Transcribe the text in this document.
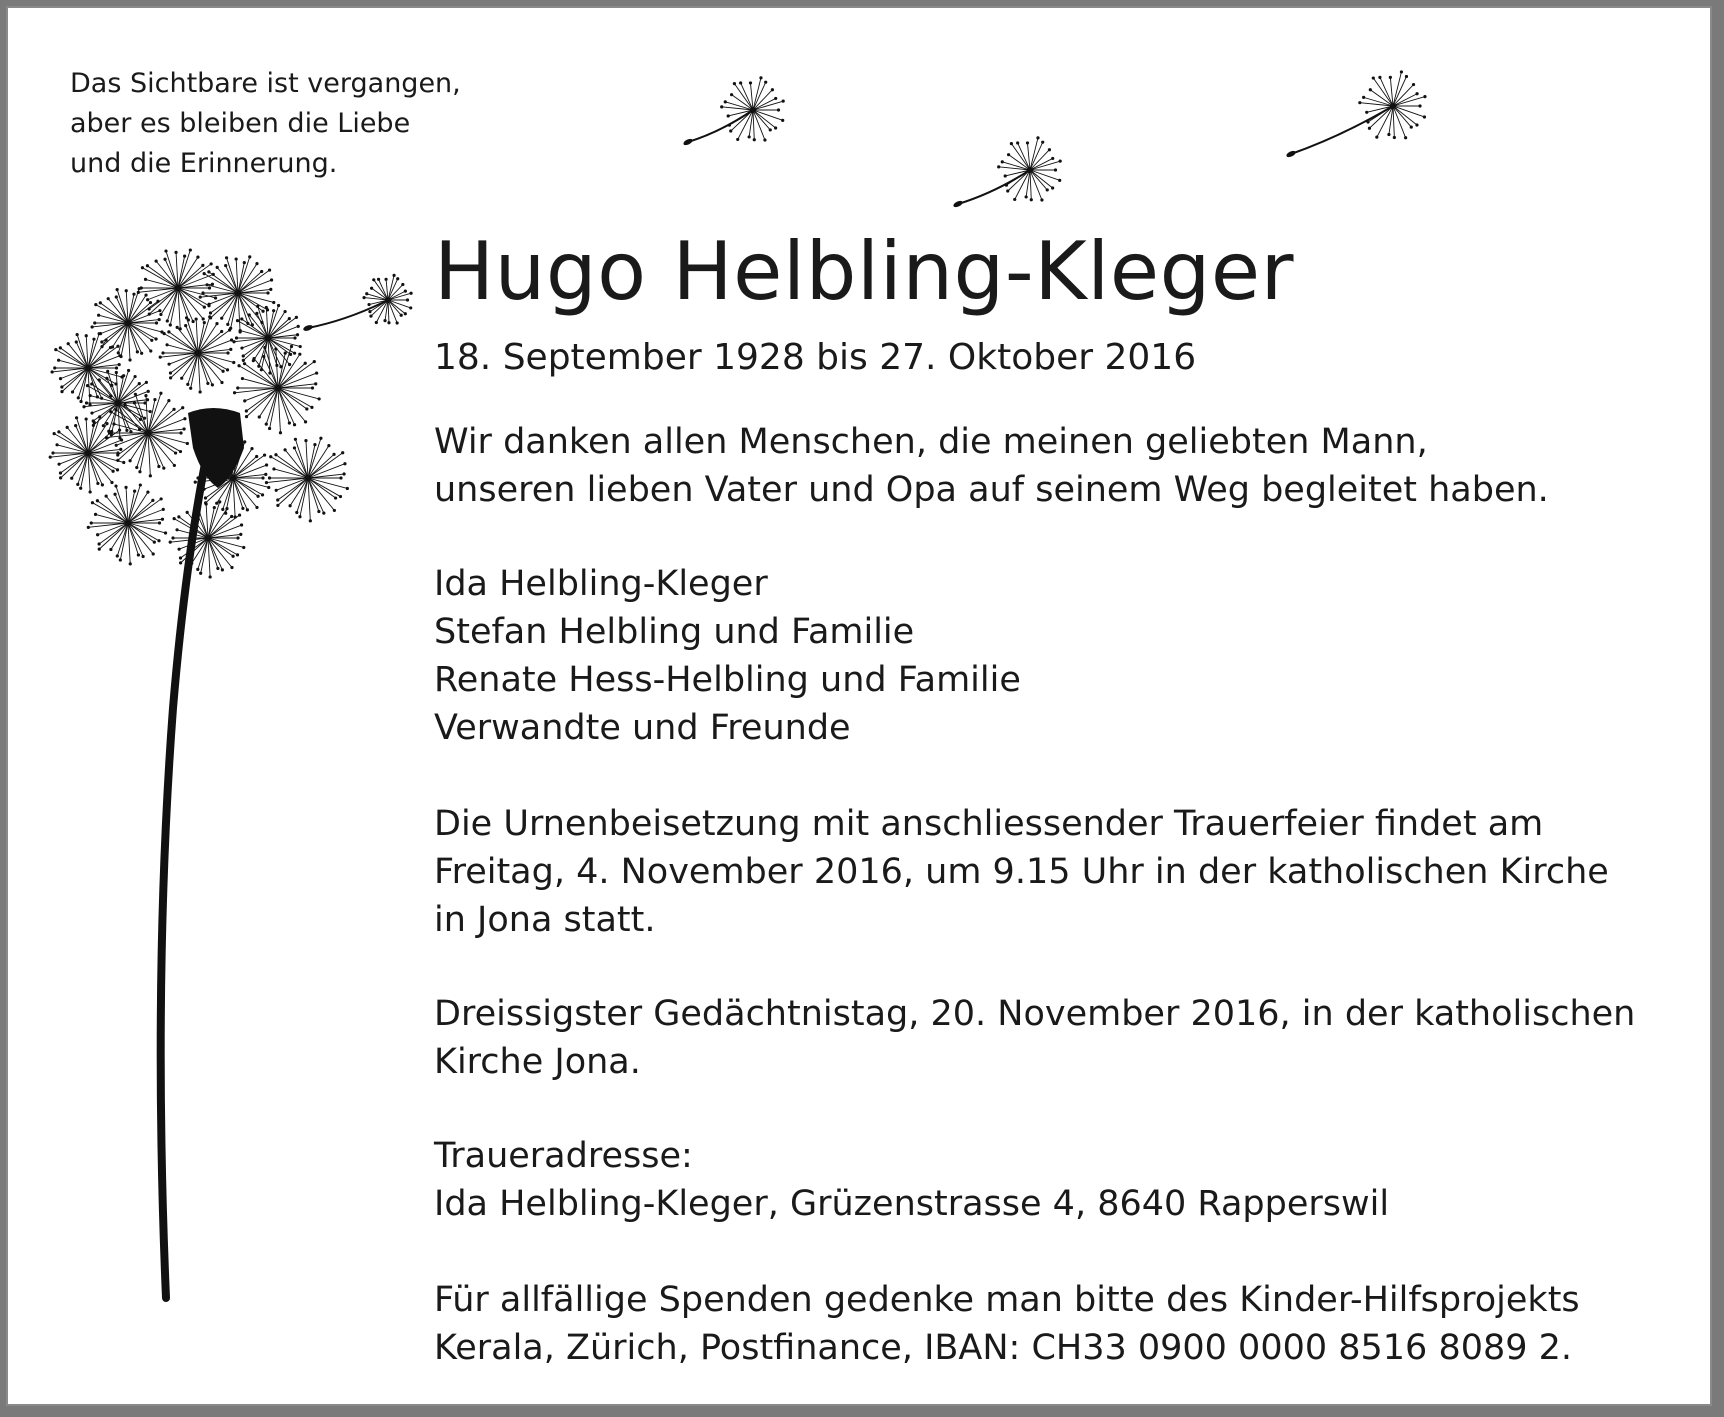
Das Sichtbare ist vergangen,
aber es bleiben die Liebe
und die Erinnerung.

Hugo Helbling-Kleger

18. September 1928 bis 27. Oktober 2016

Wir danken allen Menschen, die meinen geliebten Mann,
unseren lieben Vater und Opa auf seinem Weg begleitet haben.

Ida Helbling-Kleger
Stefan Helbling und Familie
Renate Hess-Helbling und Familie
Verwandte und Freunde

Die Urnenbeisetzung mit anschliessender Trauerfeier findet am
Freitag, 4. November 2016, um 9.15 Uhr in der katholischen Kirche
in Jona statt.

Dreissigster Gedächtnistag, 20. November 2016, in der katholischen
Kirche Jona.

Traueradresse:
Ida Helbling-Kleger, Grüzenstrasse 4, 8640 Rapperswil

Für allfällige Spenden gedenke man bitte des Kinder-Hilfsprojekts
Kerala, Zürich, Postfinance, IBAN: CH33 0900 0000 8516 8089 2.
